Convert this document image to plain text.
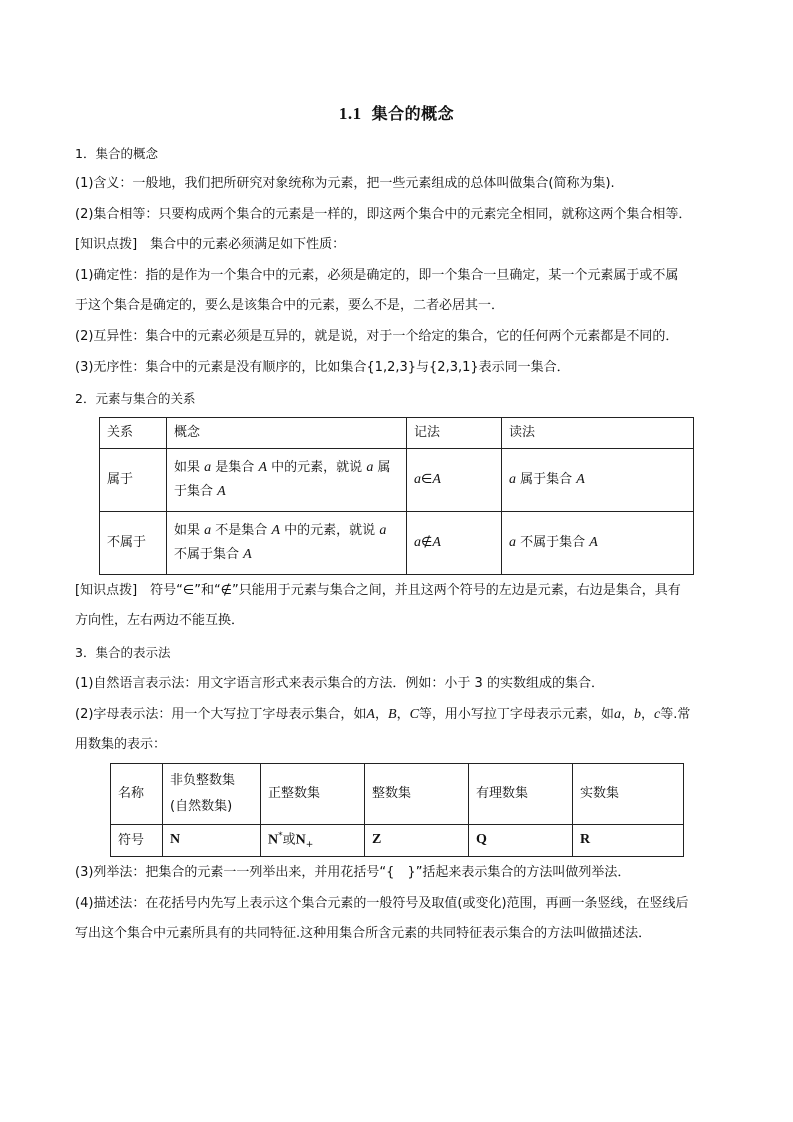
1.1 集合的概念
1．集合的概念
(1)含义：一般地，我们把所研究对象统称为元素，把一些元素组成的总体叫做集合(简称为集).
(2)集合相等：只要构成两个集合的元素是一样的，即这两个集合中的元素完全相同，就称这两个集合相等．
[知识点拨]　集合中的元素必须满足如下性质：
(1)确定性：指的是作为一个集合中的元素，必须是确定的，即一个集合一旦确定，某一个元素属于或不属
于这个集合是确定的，要么是该集合中的元素，要么不是，二者必居其一．
(2)互异性：集合中的元素必须是互异的，就是说，对于一个给定的集合，它的任何两个元素都是不同的．
(3)无序性：集合中的元素是没有顺序的，比如集合{1,2,3}与{2,3,1}表示同一集合．
2．元素与集合的关系
关系	概念	记法	读法
属于	如果 a 是集合 A 中的元素，就说 a 属
于集合 A	a∈A	a 属于集合 A
不属于	如果 a 不是集合 A 中的元素，就说 a
不属于集合 A	a∉A	a 不属于集合 A
[知识点拨]　符号“∈”和“∉”只能用于元素与集合之间，并且这两个符号的左边是元素，右边是集合，具有
方向性，左右两边不能互换．
3．集合的表示法
(1)自然语言表示法：用文字语言形式来表示集合的方法．例如：小于 3 的实数组成的集合．
(2)字母表示法：用一个大写拉丁字母表示集合，如A，B，C等，用小写拉丁字母表示元素，如a，b，c等.常
用数集的表示：
名称	非负整数集
(自然数集)	正整数集	整数集	有理数集	实数集
符号	N	N*或$N_+$	Z	Q	R
(3)列举法：把集合的元素一一列举出来，并用花括号“{　}”括起来表示集合的方法叫做列举法．
(4)描述法：在花括号内先写上表示这个集合元素的一般符号及取值(或变化)范围，再画一条竖线，在竖线后
写出这个集合中元素所具有的共同特征.这种用集合所含元素的共同特征表示集合的方法叫做描述法．
